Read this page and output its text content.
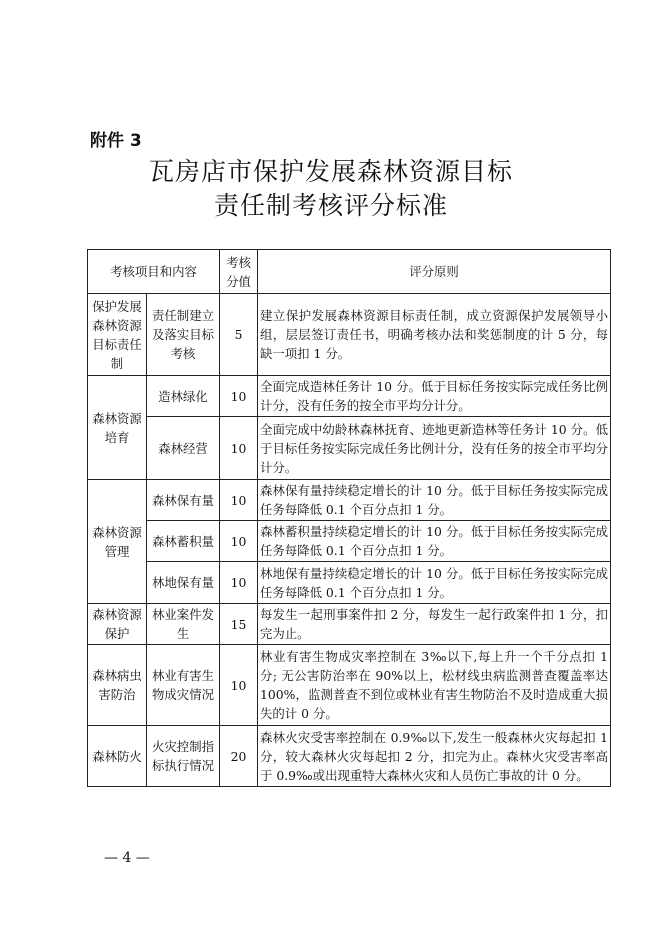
附件 3
瓦房店市保护发展森林资源目标
责任制考核评分标准
考核项目和内容		考核分值	评分原则
保护发展森林资源目标责任制	责任制建立及落实目标考核	5	建立保护发展森林资源目标责任制，成立资源保护发展领导小组，层层签订责任书，明确考核办法和奖惩制度的计 5 分，每缺一项扣 1 分。
森林资源培育	造林绿化	10	全面完成造林任务计 10 分。低于目标任务按实际完成任务比例计分，没有任务的按全市平均分计分。
	森林经营	10	全面完成中幼龄林森林抚育、迹地更新造林等任务计 10 分。低于目标任务按实际完成任务比例计分，没有任务的按全市平均分计分。
森林资源管理	森林保有量	10	森林保有量持续稳定增长的计 10 分。低于目标任务按实际完成任务每降低 0.1 个百分点扣 1 分。
	森林蓄积量	10	森林蓄积量持续稳定增长的计 10 分。低于目标任务按实际完成任务每降低 0.1 个百分点扣 1 分。
	林地保有量	10	林地保有量持续稳定增长的计 10 分。低于目标任务按实际完成任务每降低 0.1 个百分点扣 1 分。
森林资源保护	林业案件发生	15	每发生一起刑事案件扣 2 分，每发生一起行政案件扣 1 分，扣完为止。
森林病虫害防治	林业有害生物成灾情况	10	林业有害生物成灾率控制在 3‰以下,每上升一个千分点扣 1 分; 无公害防治率在 90%以上，松材线虫病监测普查覆盖率达 100%，监测普查不到位或林业有害生物防治不及时造成重大损失的计 0 分。
森林防火	火灾控制指标执行情况	20	森林火灾受害率控制在 0.9‰以下,发生一般森林火灾每起扣 1 分，较大森林火灾每起扣 2 分，扣完为止。森林火灾受害率高于 0.9‰或出现重特大森林火灾和人员伤亡事故的计 0 分。
— 4 —
